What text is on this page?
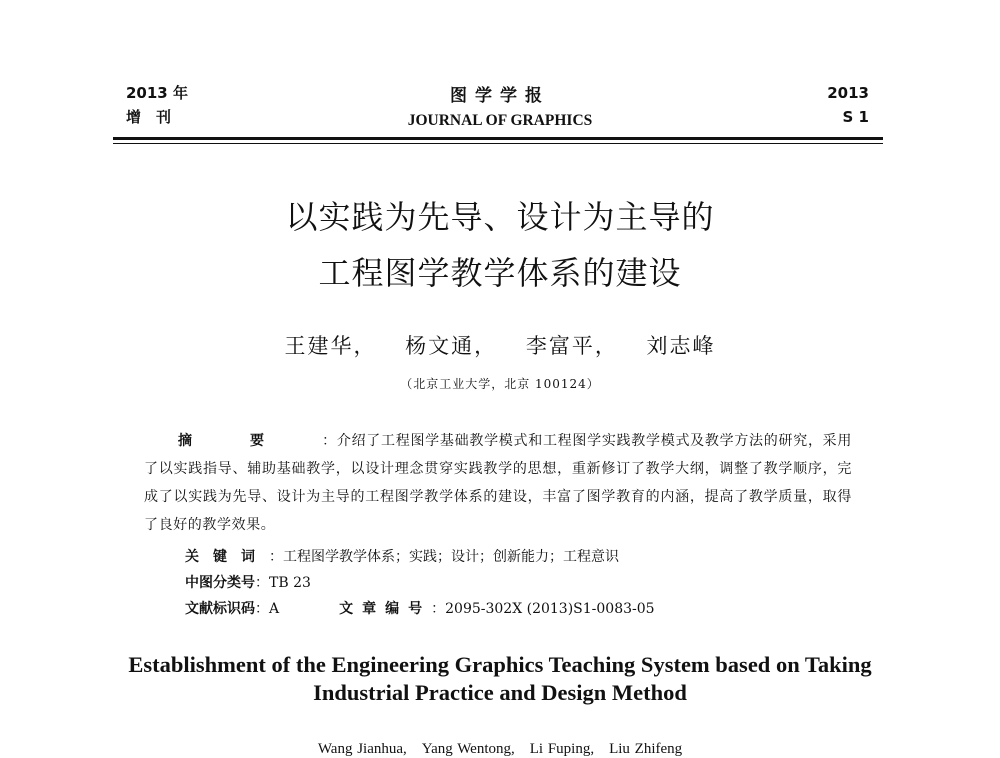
2013 年
增　刊
图学学报
JOURNAL OF GRAPHICS
2013
S 1
以实践为先导、设计为主导的
工程图学教学体系的建设
王建华， 杨文通， 李富平， 刘志峰
（北京工业大学，北京 100124）

摘要：介绍了工程图学基础教学模式和工程图学实践教学模式及教学方法的研究，采用了以实践指导、辅助基础教学，以设计理念贯穿实践教学的思想，重新修订了教学大纲，调整了教学顺序，完成了以实践为先导、设计为主导的工程图学教学体系的建设，丰富了图学教育的内涵，提高了教学质量，取得了良好的教学效果。

关键词：工程图学教学体系；实践；设计；创新能力；工程意识
中图分类号：TB 23
文献标识码：A	文章编号：2095-302X (2013)S1-0083-05
Establishment of the Engineering Graphics Teaching System based on Taking
Industrial Practice and Design Method
Wang Jianhua,　Yang Wentong,　Li Fuping,　Liu Zhifeng
